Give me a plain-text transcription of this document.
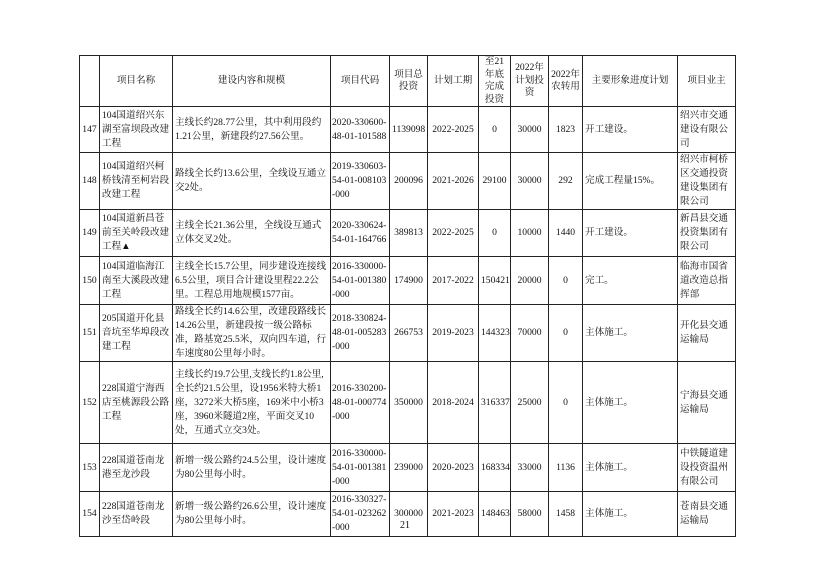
	项目名称	建设内容和规模	项目代码	项目总投资	计划工期	至21年底完成投资	2022年计划投资	2022年农转用	主要形象进度计划	项目业主
147	104国道绍兴东湖至富坝段改建工程	主线长约28.77公里，其中利用段约1.21公里，新建段约27.56公里。	2020-330600-48-01-101588	1139098	2022-2025	0	30000	1823	开工建设。	绍兴市交通建设有限公司
148	104国道绍兴柯桥钱清至柯岩段改建工程	路线全长约13.6公里，全线设互通立交2处。	2019-330603-54-01-008103-000	200096	2021-2026	29100	30000	292	完成工程量15%。	绍兴市柯桥区交通投资建设集团有限公司
149	104国道新昌苍前至关岭段改建工程▲	主线全长21.36公里，全线设互通式立体交叉2处。	2020-330624-54-01-164766	389813	2022-2025	0	10000	1440	开工建设。	新昌县交通投资集团有限公司
150	104国道临海江南至大溪段改建工程	主线全长15.7公里，同步建设连接线6.5公里，项目合计建设里程22.2公里。工程总用地规模1577亩。	2016-330000-54-01-001380-000	174900	2017-2022	150421	20000	0	完工。	临海市国省道改造总指挥部
151	205国道开化县音坑至华埠段改建工程	路线全长约14.6公里，改建段路线长14.26公里，新建段按一级公路标准，路基宽25.5米，双向四车道，行车速度80公里每小时。	2018-330824-48-01-005283-000	266753	2019-2023	144323	70000	0	主体施工。	开化县交通运输局
152	228国道宁海西店至桃源段公路工程	主线长约19.7公里,支线长约1.8公里,全长约21.5公里，设1956米特大桥1座，3272米大桥5座，169米中小桥3座，3960米隧道2座，平面交叉10处，互通式立交3处。	2016-330200-48-01-000774-000	350000	2018-2024	316337	25000	0	主体施工。	宁海县交通运输局
153	228国道苍南龙港至龙沙段	新增一级公路约24.5公里，设计速度为80公里每小时。	2016-330000-54-01-001381-000	239000	2020-2023	168334	33000	1136	主体施工。	中铁隧道建设投资温州有限公司
154	228国道苍南龙沙至岱岭段	新增一级公路约26.6公里，设计速度为80公里每小时。	2016-330327-54-01-023262-000	300000	2021-2023	148463	58000	1458	主体施工。	苍南县交通运输局
21
